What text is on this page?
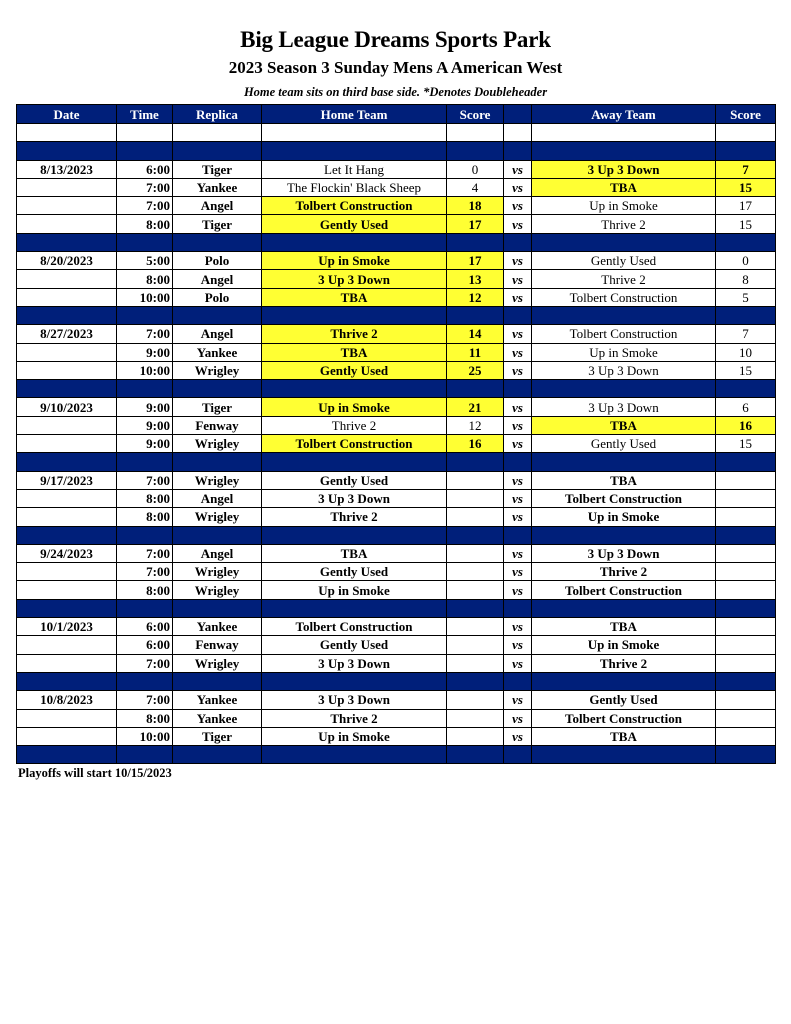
Big League Dreams Sports Park
2023 Season 3 Sunday Mens A American West
Home team sits on third base side. *Denotes Doubleheader
Date	Time	Replica	Home Team	Score		Away Team	Score

8/13/2023	6:00	Tiger	Let It Hang	0	vs	3 Up 3 Down	7
	7:00	Yankee	The Flockin' Black Sheep	4	vs	TBA	15
	7:00	Angel	Tolbert Construction	18	vs	Up in Smoke	17
	8:00	Tiger	Gently Used	17	vs	Thrive 2	15

8/20/2023	5:00	Polo	Up in Smoke	17	vs	Gently Used	0
	8:00	Angel	3 Up 3 Down	13	vs	Thrive 2	8
	10:00	Polo	TBA	12	vs	Tolbert Construction	5

8/27/2023	7:00	Angel	Thrive 2	14	vs	Tolbert Construction	7
	9:00	Yankee	TBA	11	vs	Up in Smoke	10
	10:00	Wrigley	Gently Used	25	vs	3 Up 3 Down	15

9/10/2023	9:00	Tiger	Up in Smoke	21	vs	3 Up 3 Down	6
	9:00	Fenway	Thrive 2	12	vs	TBA	16
	9:00	Wrigley	Tolbert Construction	16	vs	Gently Used	15

9/17/2023	7:00	Wrigley	Gently Used		vs	TBA	
	8:00	Angel	3 Up 3 Down		vs	Tolbert Construction	
	8:00	Wrigley	Thrive 2		vs	Up in Smoke	

9/24/2023	7:00	Angel	TBA		vs	3 Up 3 Down	
	7:00	Wrigley	Gently Used		vs	Thrive 2	
	8:00	Wrigley	Up in Smoke		vs	Tolbert Construction	

10/1/2023	6:00	Yankee	Tolbert Construction		vs	TBA	
	6:00	Fenway	Gently Used		vs	Up in Smoke	
	7:00	Wrigley	3 Up 3 Down		vs	Thrive 2	

10/8/2023	7:00	Yankee	3 Up 3 Down		vs	Gently Used	
	8:00	Yankee	Thrive 2		vs	Tolbert Construction	
	10:00	Tiger	Up in Smoke		vs	TBA	

Playoffs will start 10/15/2023
